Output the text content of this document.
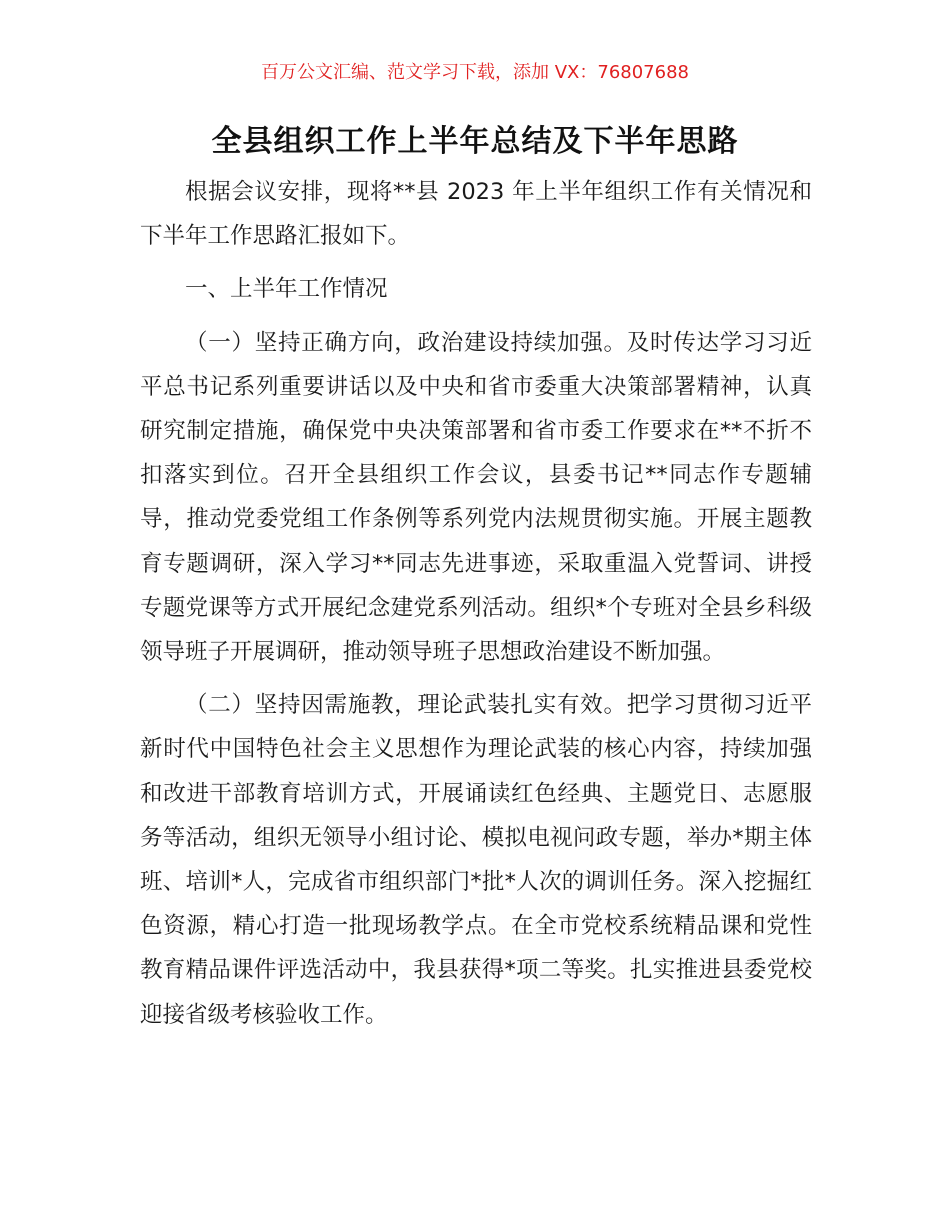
百万公文汇编、范文学习下载，添加 VX：76807688
全县组织工作上半年总结及下半年思路

根据会议安排，现将**县 2023 年上半年组织工作有关情况和下半年工作思路汇报如下。

一、上半年工作情况

（一）坚持正确方向，政治建设持续加强。及时传达学习习近平总书记系列重要讲话以及中央和省市委重大决策部署精神，认真研究制定措施，确保党中央决策部署和省市委工作要求在**不折不扣落实到位。召开全县组织工作会议，县委书记**同志作专题辅导，推动党委党组工作条例等系列党内法规贯彻实施。开展主题教育专题调研，深入学习**同志先进事迹，采取重温入党誓词、讲授专题党课等方式开展纪念建党系列活动。组织*个专班对全县乡科级领导班子开展调研，推动领导班子思想政治建设不断加强。

（二）坚持因需施教，理论武装扎实有效。把学习贯彻习近平新时代中国特色社会主义思想作为理论武装的核心内容，持续加强和改进干部教育培训方式，开展诵读红色经典、主题党日、志愿服务等活动，组织无领导小组讨论、模拟电视问政专题，举办*期主体班、培训*人，完成省市组织部门*批*人次的调训任务。深入挖掘红色资源，精心打造一批现场教学点。在全市党校系统精品课和党性教育精品课件评选活动中，我县获得*项二等奖。扎实推进县委党校迎接省级考核验收工作。
